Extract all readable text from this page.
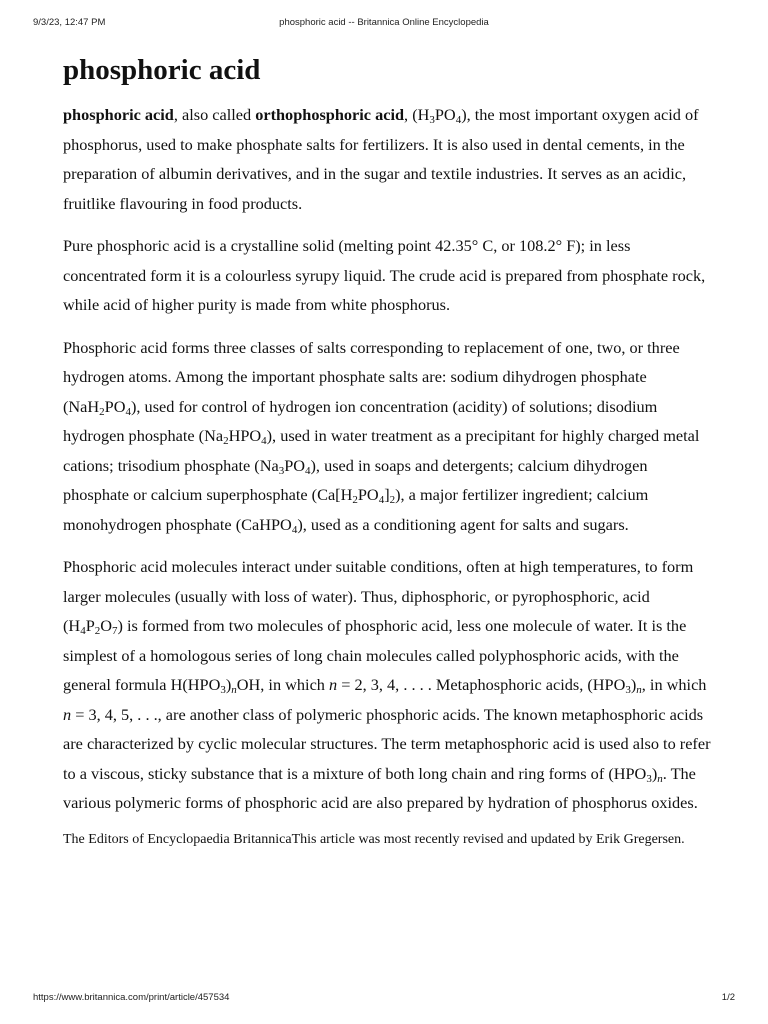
9/3/23, 12:47 PM	phosphoric acid -- Britannica Online Encyclopedia
phosphoric acid

phosphoric acid, also called orthophosphoric acid, $(H_3PO_4)$, the most important oxygen acid of phosphorus, used to make phosphate salts for fertilizers. It is also used in dental cements, in the preparation of albumin derivatives, and in the sugar and textile industries. It serves as an acidic, fruitlike flavouring in food products.

Pure phosphoric acid is a crystalline solid (melting point 42.35° C, or 108.2° F); in less concentrated form it is a colourless syrupy liquid. The crude acid is prepared from phosphate rock, while acid of higher purity is made from white phosphorus.

Phosphoric acid forms three classes of salts corresponding to replacement of one, two, or three hydrogen atoms. Among the important phosphate salts are: sodium dihydrogen phosphate $(NaH_2PO_4)$, used for control of hydrogen ion concentration (acidity) of solutions; disodium hydrogen phosphate $(Na_2HPO_4)$, used in water treatment as a precipitant for highly charged metal cations; trisodium phosphate $(Na_3PO_4)$, used in soaps and detergents; calcium dihydrogen phosphate or calcium superphosphate $(Ca[H_2PO_4]_2)$, a major fertilizer ingredient; calcium monohydrogen phosphate (CaHPO$_4$), used as a conditioning agent for salts and sugars.

Phosphoric acid molecules interact under suitable conditions, often at high temperatures, to form larger molecules (usually with loss of water). Thus, diphosphoric, or pyrophosphoric, acid $(H_4P_2O_7)$ is formed from two molecules of phosphoric acid, less one molecule of water. It is the simplest of a homologous series of long chain molecules called polyphosphoric acids, with the general formula $H(HPO_3)_nOH$, in which n = 2, 3, 4, . . . . Metaphosphoric acids, $(HPO_3)_n$, in which n = 3, 4, 5, . . ., are another class of polymeric phosphoric acids. The known metaphosphoric acids are characterized by cyclic molecular structures. The term metaphosphoric acid is used also to refer to a viscous, sticky substance that is a mixture of both long chain and ring forms of $(HPO_3)_n$. The various polymeric forms of phosphoric acid are also prepared by hydration of phosphorus oxides.

The Editors of Encyclopaedia BritannicaThis article was most recently revised and updated by Erik Gregersen.
https://www.britannica.com/print/article/457534	1/2
